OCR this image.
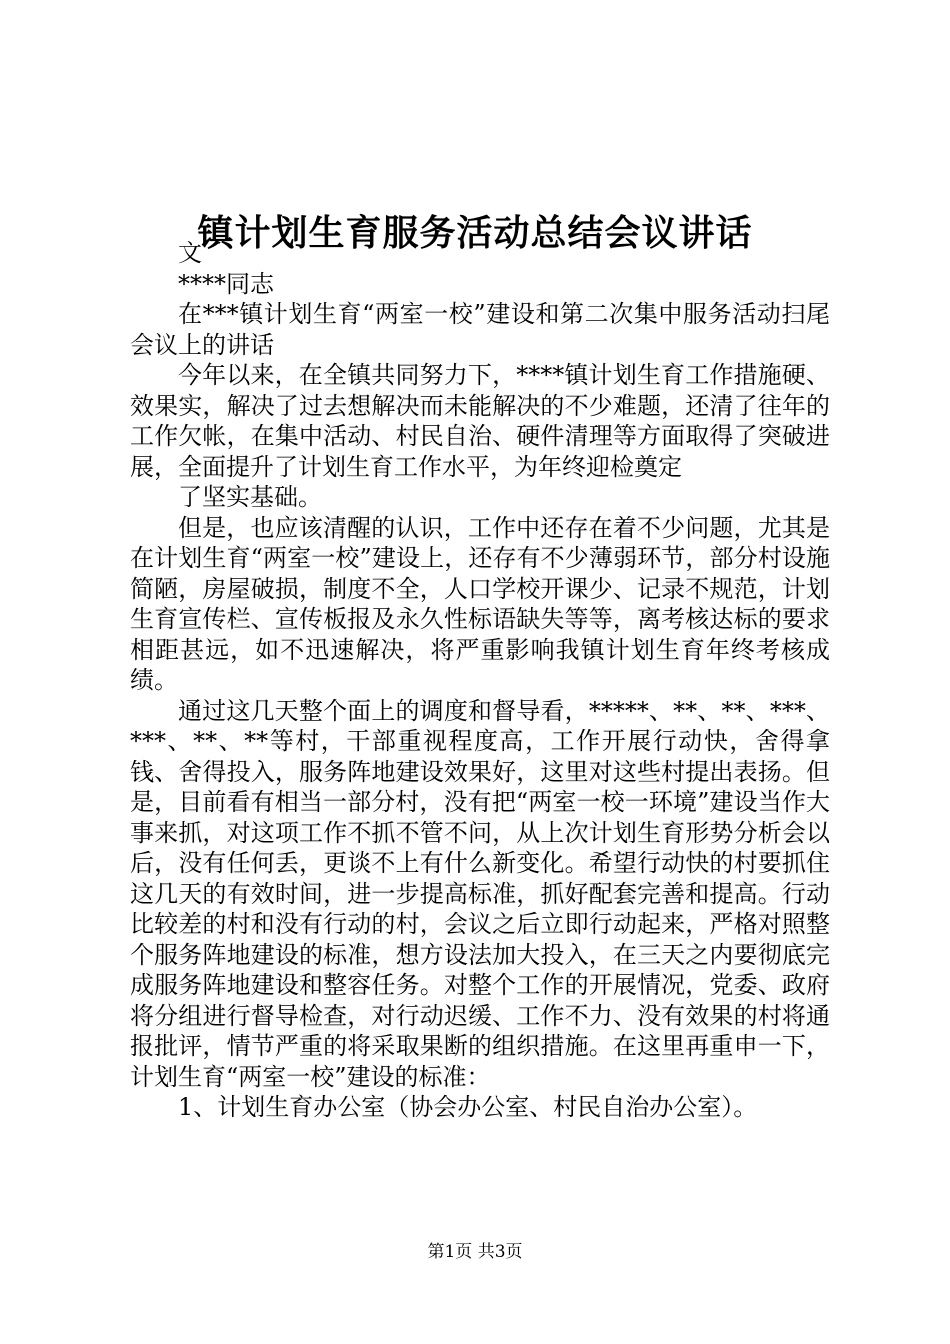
镇计划生育服务活动总结会议讲话

文

****同志

在***镇计划生育“两室一校”建设和第二次集中服务活动扫尾会议上的讲话

今年以来，在全镇共同努力下，****镇计划生育工作措施硬、效果实，解决了过去想解决而未能解决的不少难题，还清了往年的工作欠帐，在集中活动、村民自治、硬件清理等方面取得了突破进展，全面提升了计划生育工作水平，为年终迎检奠定

了坚实基础。

但是，也应该清醒的认识，工作中还存在着不少问题，尤其是在计划生育“两室一校”建设上，还存有不少薄弱环节，部分村设施简陋，房屋破损，制度不全，人口学校开课少、记录不规范，计划生育宣传栏、宣传板报及永久性标语缺失等等，离考核达标的要求相距甚远，如不迅速解决，将严重影响我镇计划生育年终考核成绩。

通过这几天整个面上的调度和督导看，*****、**、**、***、***、**、**等村，干部重视程度高，工作开展行动快，舍得拿钱、舍得投入，服务阵地建设效果好，这里对这些村提出表扬。但是，目前看有相当一部分村，没有把“两室一校一环境”建设当作大事来抓，对这项工作不抓不管不问，从上次计划生育形势分析会以后，没有任何丢，更谈不上有什么新变化。希望行动快的村要抓住这几天的有效时间，进一步提高标准，抓好配套完善和提高。行动比较差的村和没有行动的村，会议之后立即行动起来，严格对照整个服务阵地建设的标准，想方设法加大投入，在三天之内要彻底完成服务阵地建设和整容任务。对整个工作的开展情况，党委、政府将分组进行督导检查，对行动迟缓、工作不力、没有效果的村将通报批评，情节严重的将采取果断的组织措施。在这里再重申一下，计划生育“两室一校”建设的标准：

1、计划生育办公室（协会办公室、村民自治办公室）。

第1页 共3页
